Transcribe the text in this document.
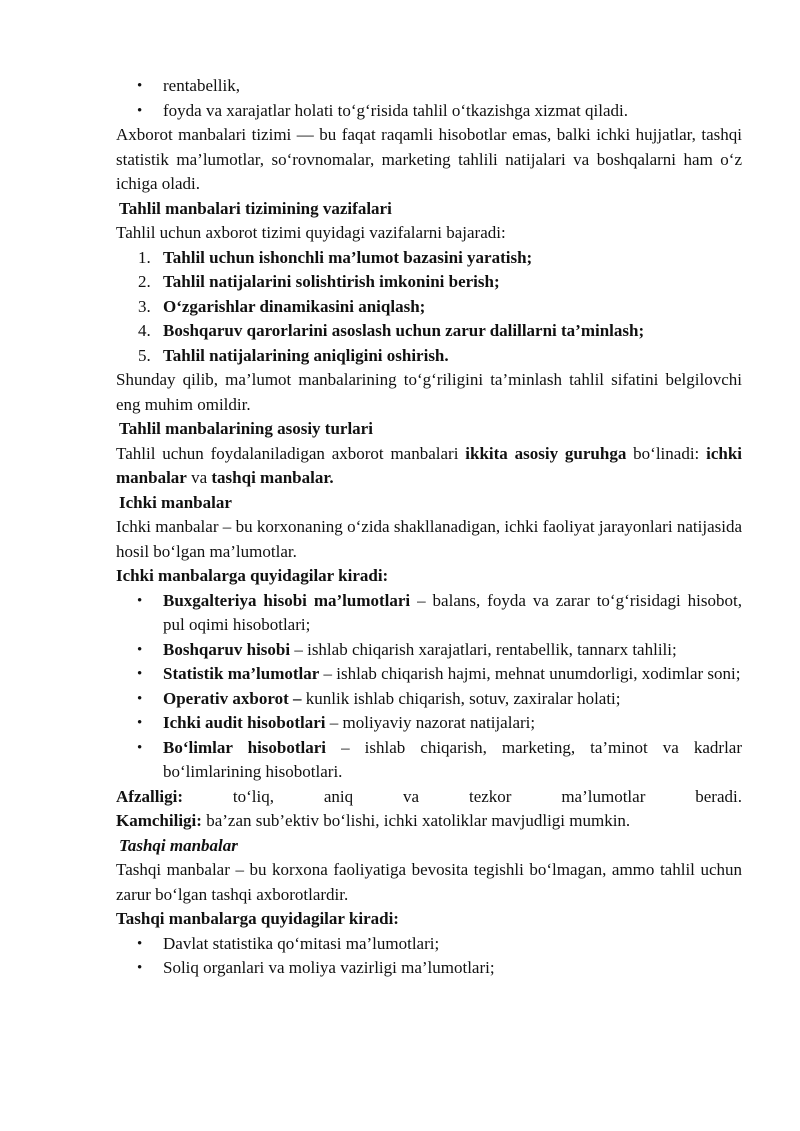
• rentabellik,
• foyda va xarajatlar holati to‘g‘risida tahlil o‘tkazishga xizmat qiladi.

Axborot manbalari tizimi — bu faqat raqamli hisobotlar emas, balki ichki hujjatlar, tashqi statistik ma’lumotlar, so‘rovnomalar, marketing tahlili natijalari va boshqalarni ham o‘z ichiga oladi.

Tahlil manbalari tizimining vazifalari

Tahlil uchun axborot tizimi quyidagi vazifalarni bajaradi:

1. Tahlil uchun ishonchli ma’lumot bazasini yaratish;
2. Tahlil natijalarini solishtirish imkonini berish;
3. O‘zgarishlar dinamikasini aniqlash;
4. Boshqaruv qarorlarini asoslash uchun zarur dalillarni ta’minlash;
5. Tahlil natijalarining aniqligini oshirish.

Shunday qilib, ma’lumot manbalarining to‘g‘riligini ta’minlash tahlil sifatini belgilovchi eng muhim omildir.

Tahlil manbalarining asosiy turlari

Tahlil uchun foydalaniladigan axborot manbalari ikkita asosiy guruhga bo‘linadi: ichki manbalar va tashqi manbalar.

Ichki manbalar

Ichki manbalar – bu korxonaning o‘zida shakllanadigan, ichki faoliyat jarayonlari natijasida hosil bo‘lgan ma’lumotlar.

Ichki manbalarga quyidagilar kiradi:

• Buxgalteriya hisobi ma’lumotlari – balans, foyda va zarar to‘g‘risidagi hisobot, pul oqimi hisobotlari;
• Boshqaruv hisobi – ishlab chiqarish xarajatlari, rentabellik, tannarx tahlili;
• Statistik ma’lumotlar – ishlab chiqarish hajmi, mehnat unumdorligi, xodimlar soni;
• Operativ axborot – kunlik ishlab chiqarish, sotuv, zaxiralar holati;
• Ichki audit hisobotlari – moliyaviy nazorat natijalari;
• Bo‘limlar hisobotlari – ishlab chiqarish, marketing, ta’minot va kadrlar bo‘limlarining hisobotlari.

Afzalligi:	to‘liq,	aniq	va	tezkor	ma’lumotlar	beradi.

Kamchiligi: ba’zan sub’ektiv bo‘lishi, ichki xatoliklar mavjudligi mumkin.

Tashqi manbalar

Tashqi manbalar – bu korxona faoliyatiga bevosita tegishli bo‘lmagan, ammo tahlil uchun zarur bo‘lgan tashqi axborotlardir.

Tashqi manbalarga quyidagilar kiradi:

• Davlat statistika qo‘mitasi ma’lumotlari;
• Soliq organlari va moliya vazirligi ma’lumotlari;
